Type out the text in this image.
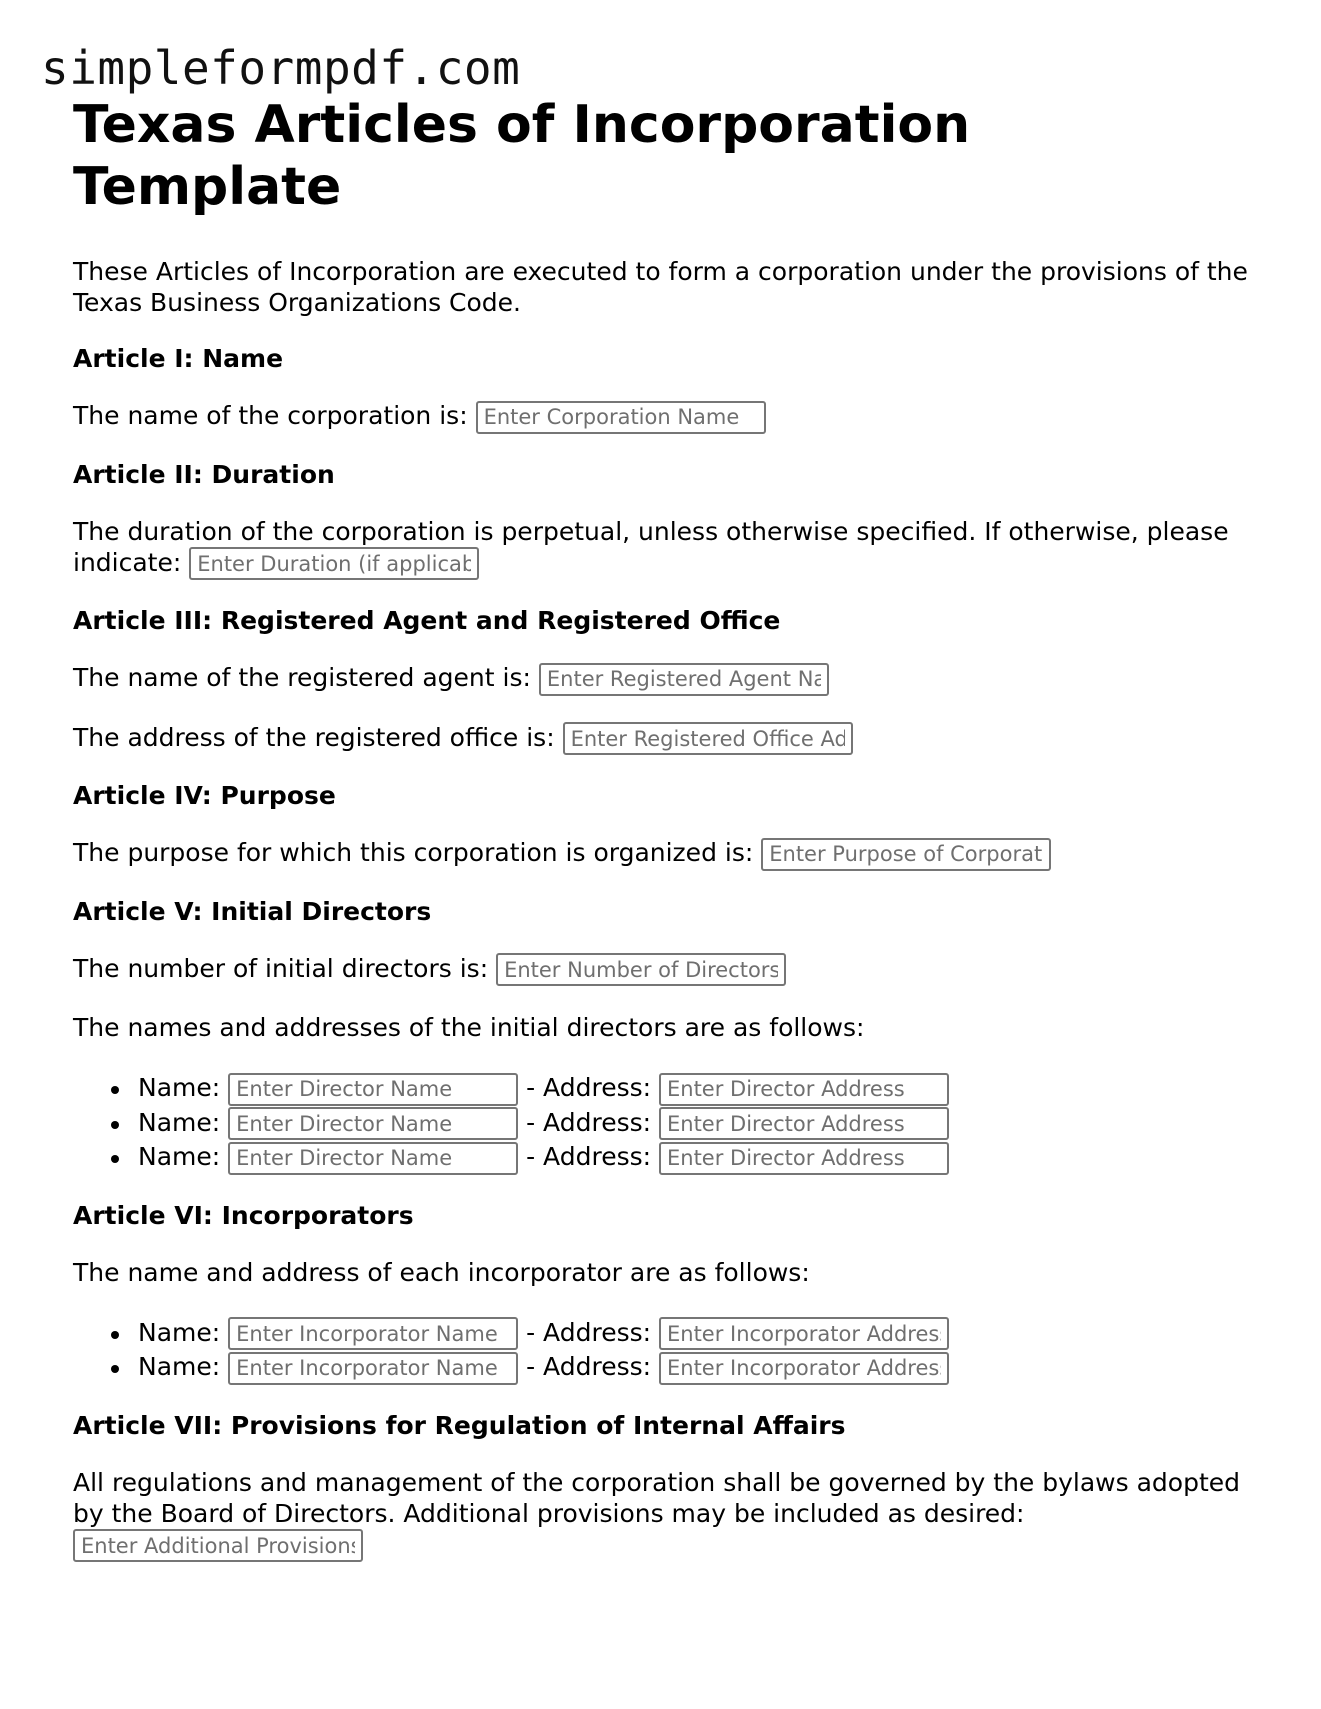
simpleformpdf.com
Texas Articles of Incorporation Template

These Articles of Incorporation are executed to form a corporation under the provisions of the Texas Business Organizations Code.

Article I: Name

The name of the corporation is: Enter Corporation Name

Article II: Duration

The duration of the corporation is perpetual, unless otherwise specified. If otherwise, please indicate: Enter Duration (if applicable)

Article III: Registered Agent and Registered Office

The name of the registered agent is: Enter Registered Agent Name

The address of the registered office is: Enter Registered Office Address

Article IV: Purpose

The purpose for which this corporation is organized is: Enter Purpose of Corporation

Article V: Initial Directors

The number of initial directors is: Enter Number of Directors

The names and addresses of the initial directors are as follows:

Name: Enter Director Name	- Address: Enter Director Address
Name: Enter Director Name	- Address: Enter Director Address
Name: Enter Director Name	- Address: Enter Director Address
Article VI: Incorporators

The name and address of each incorporator are as follows:

Name: Enter Incorporator Name	- Address: Enter Incorporator Address
Name: Enter Incorporator Name	- Address: Enter Incorporator Address
Article VII: Provisions for Regulation of Internal Affairs

All regulations and management of the corporation shall be governed by the bylaws adopted by the Board of Directors. Additional provisions may be included as desired: Enter Additional Provisions
